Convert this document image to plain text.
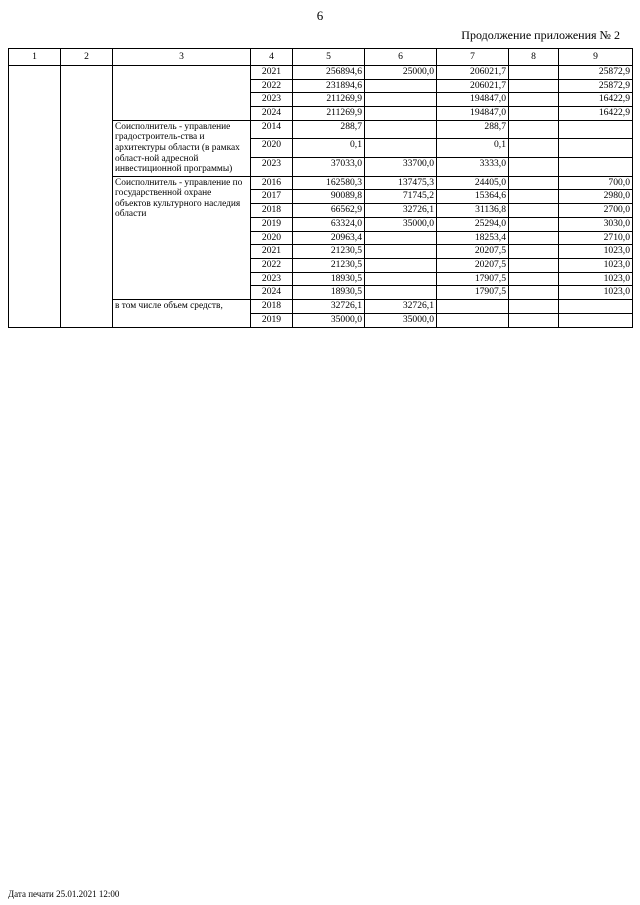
6
Продолжение приложения № 2
1	2	3	4	5	6	7	8	9
			2021	256894,6	25000,0	206021,7		25872,9
			2022	231894,6		206021,7		25872,9
			2023	211269,9		194847,0		16422,9
			2024	211269,9		194847,0		16422,9
		Соисполнитель - управление градостроитель-ства и архитектуры области (в рамках област-ной адресной инвестиционной программы)	2014	288,7		288,7		
			2020	0,1		0,1		
			2023	37033,0	33700,0	3333,0		
		Соисполнитель - управление по государственной охране объектов культурного наследия области	2016	162580,3	137475,3	24405,0		700,0
			2017	90089,8	71745,2	15364,6		2980,0
			2018	66562,9	32726,1	31136,8		2700,0
			2019	63324,0	35000,0	25294,0		3030,0
			2020	20963,4		18253,4		2710,0
			2021	21230,5		20207,5		1023,0
			2022	21230,5		20207,5		1023,0
			2023	18930,5		17907,5		1023,0
			2024	18930,5		17907,5		1023,0
		в том числе объем средств,	2018	32726,1	32726,1			
			2019	35000,0	35000,0			
Дата печати 25.01.2021 12:00
